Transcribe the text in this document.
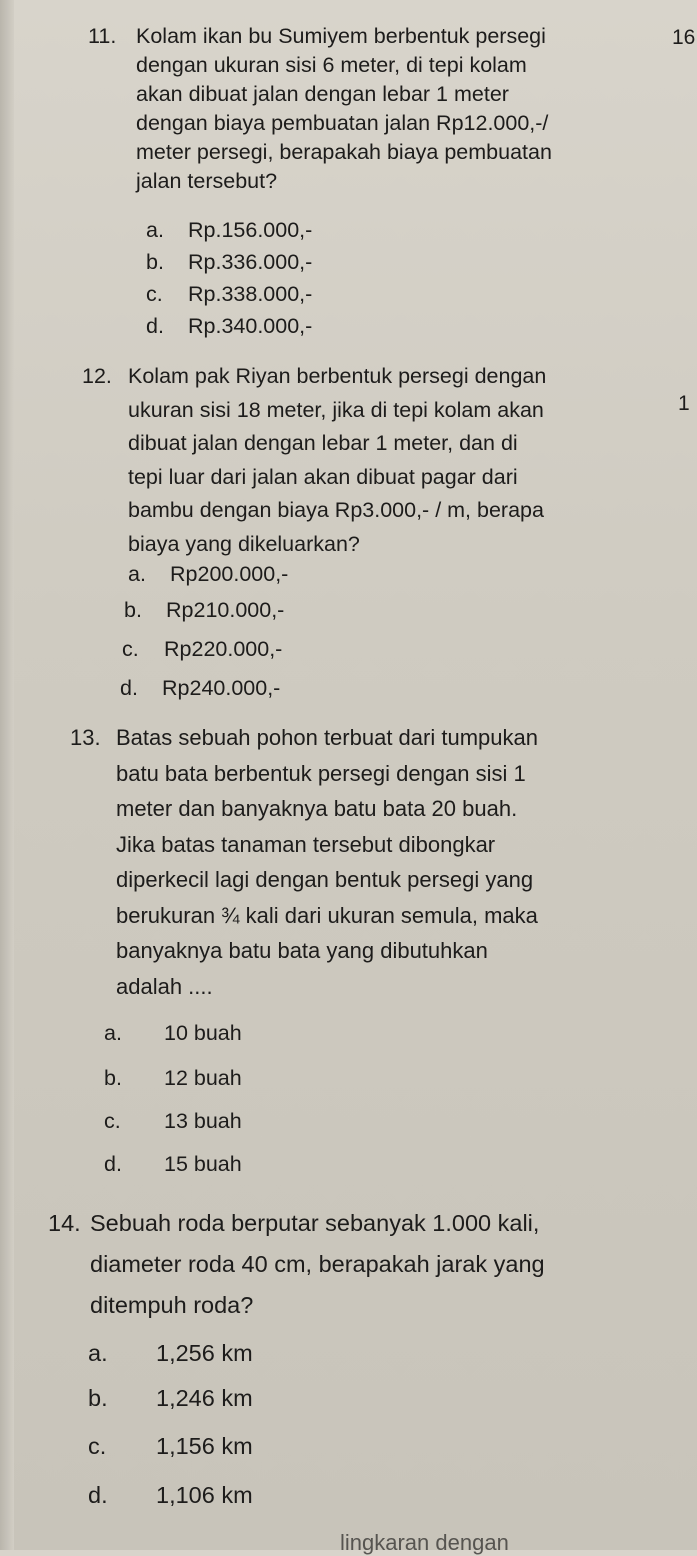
11. Kolam ikan bu Sumiyem berbentuk persegi
dengan ukuran sisi 6 meter, di tepi kolam
akan dibuat jalan dengan lebar 1 meter
dengan biaya pembuatan jalan Rp12.000,-/
meter persegi, berapakah biaya pembuatan
jalan tersebut?
16
a. Rp.156.000,-
b. Rp.336.000,-
c. Rp.338.000,-
d. Rp.340.000,-
12. Kolam pak Riyan berbentuk persegi dengan
ukuran sisi 18 meter, jika di tepi kolam akan
dibuat jalan dengan lebar 1 meter, dan di
tepi luar dari jalan akan dibuat pagar dari
bambu dengan biaya Rp3.000,- / m, berapa
biaya yang dikeluarkan?
1
a. Rp200.000,-
b. Rp210.000,-
c. Rp220.000,-
d. Rp240.000,-
13. Batas sebuah pohon terbuat dari tumpukan
batu bata berbentuk persegi dengan sisi 1
meter dan banyaknya batu bata 20 buah.
Jika batas tanaman tersebut dibongkar
diperkecil lagi dengan bentuk persegi yang
berukuran ¾ kali dari ukuran semula, maka
banyaknya batu bata yang dibutuhkan
adalah ....
a. 10 buah
b. 12 buah
c. 13 buah
d. 15 buah
14. Sebuah roda berputar sebanyak 1.000 kali,
diameter roda 40 cm, berapakah jarak yang
ditempuh roda?
a. 1,256 km
b. 1,246 km
c. 1,156 km
d. 1,106 km
lingkaran dengan
